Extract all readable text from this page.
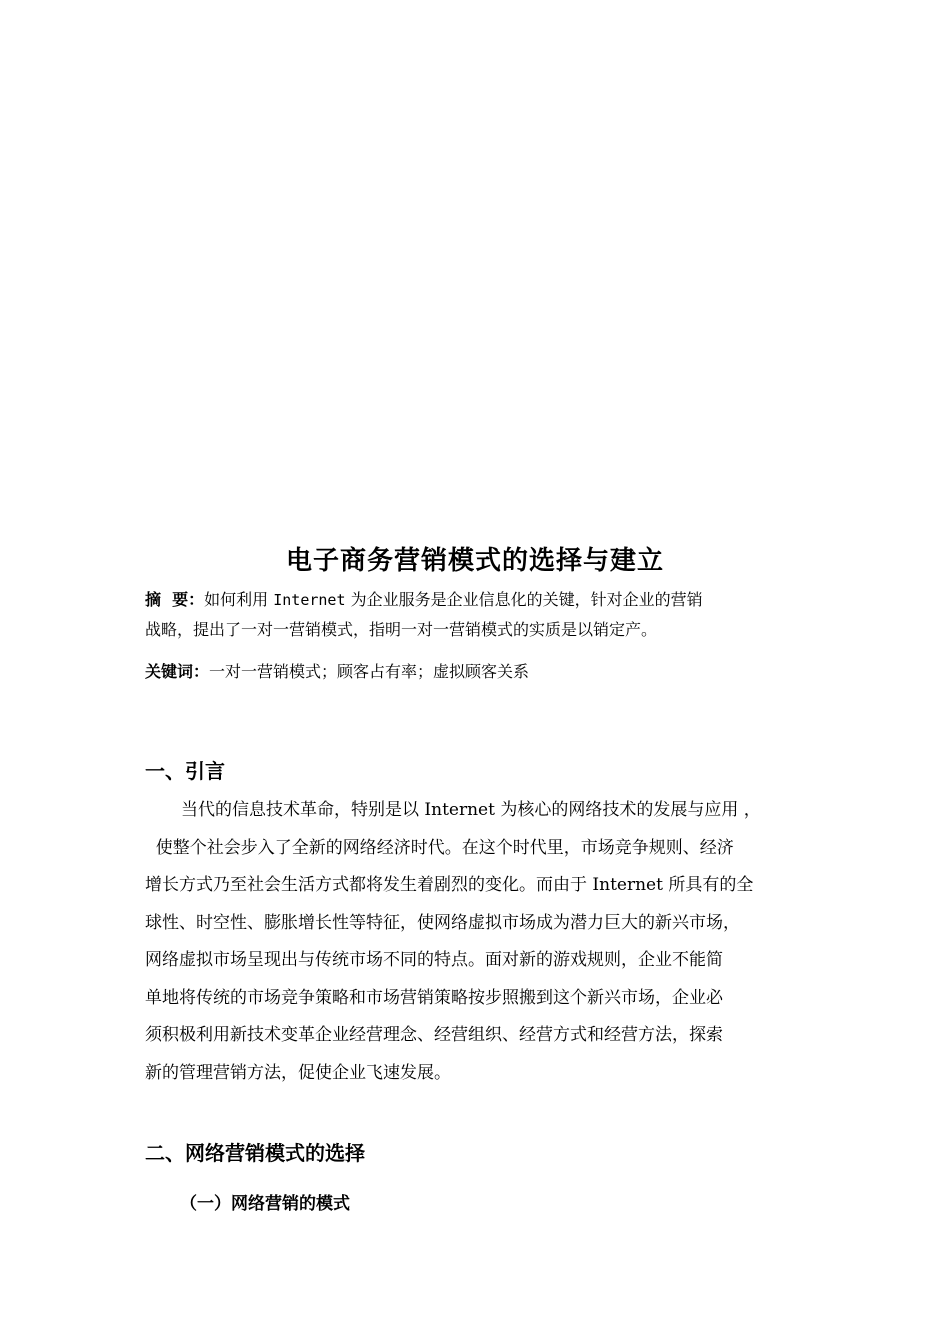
电子商务营销模式的选择与建立
摘  要：如何利用 Internet 为企业服务是企业信息化的关键，针对企业的营销
战略，提出了一对一营销模式，指明一对一营销模式的实质是以销定产。
关键词：一对一营销模式；顾客占有率；虚拟顾客关系
一、引言
当代的信息技术革命，特别是以 Internet 为核心的网络技术的发展与应用 ，
使整个社会步入了全新的网络经济时代。在这个时代里，市场竞争规则、经济
增长方式乃至社会生活方式都将发生着剧烈的变化。而由于 Internet 所具有的全
球性、时空性、膨胀增长性等特征，使网络虚拟市场成为潜力巨大的新兴市场，
网络虚拟市场呈现出与传统市场不同的特点。面对新的游戏规则，企业不能简
单地将传统的市场竞争策略和市场营销策略按步照搬到这个新兴市场，企业必
须积极利用新技术变革企业经营理念、经营组织、经营方式和经营方法，探索
新的管理营销方法，促使企业飞速发展。
二、网络营销模式的选择
（一）网络营销的模式
